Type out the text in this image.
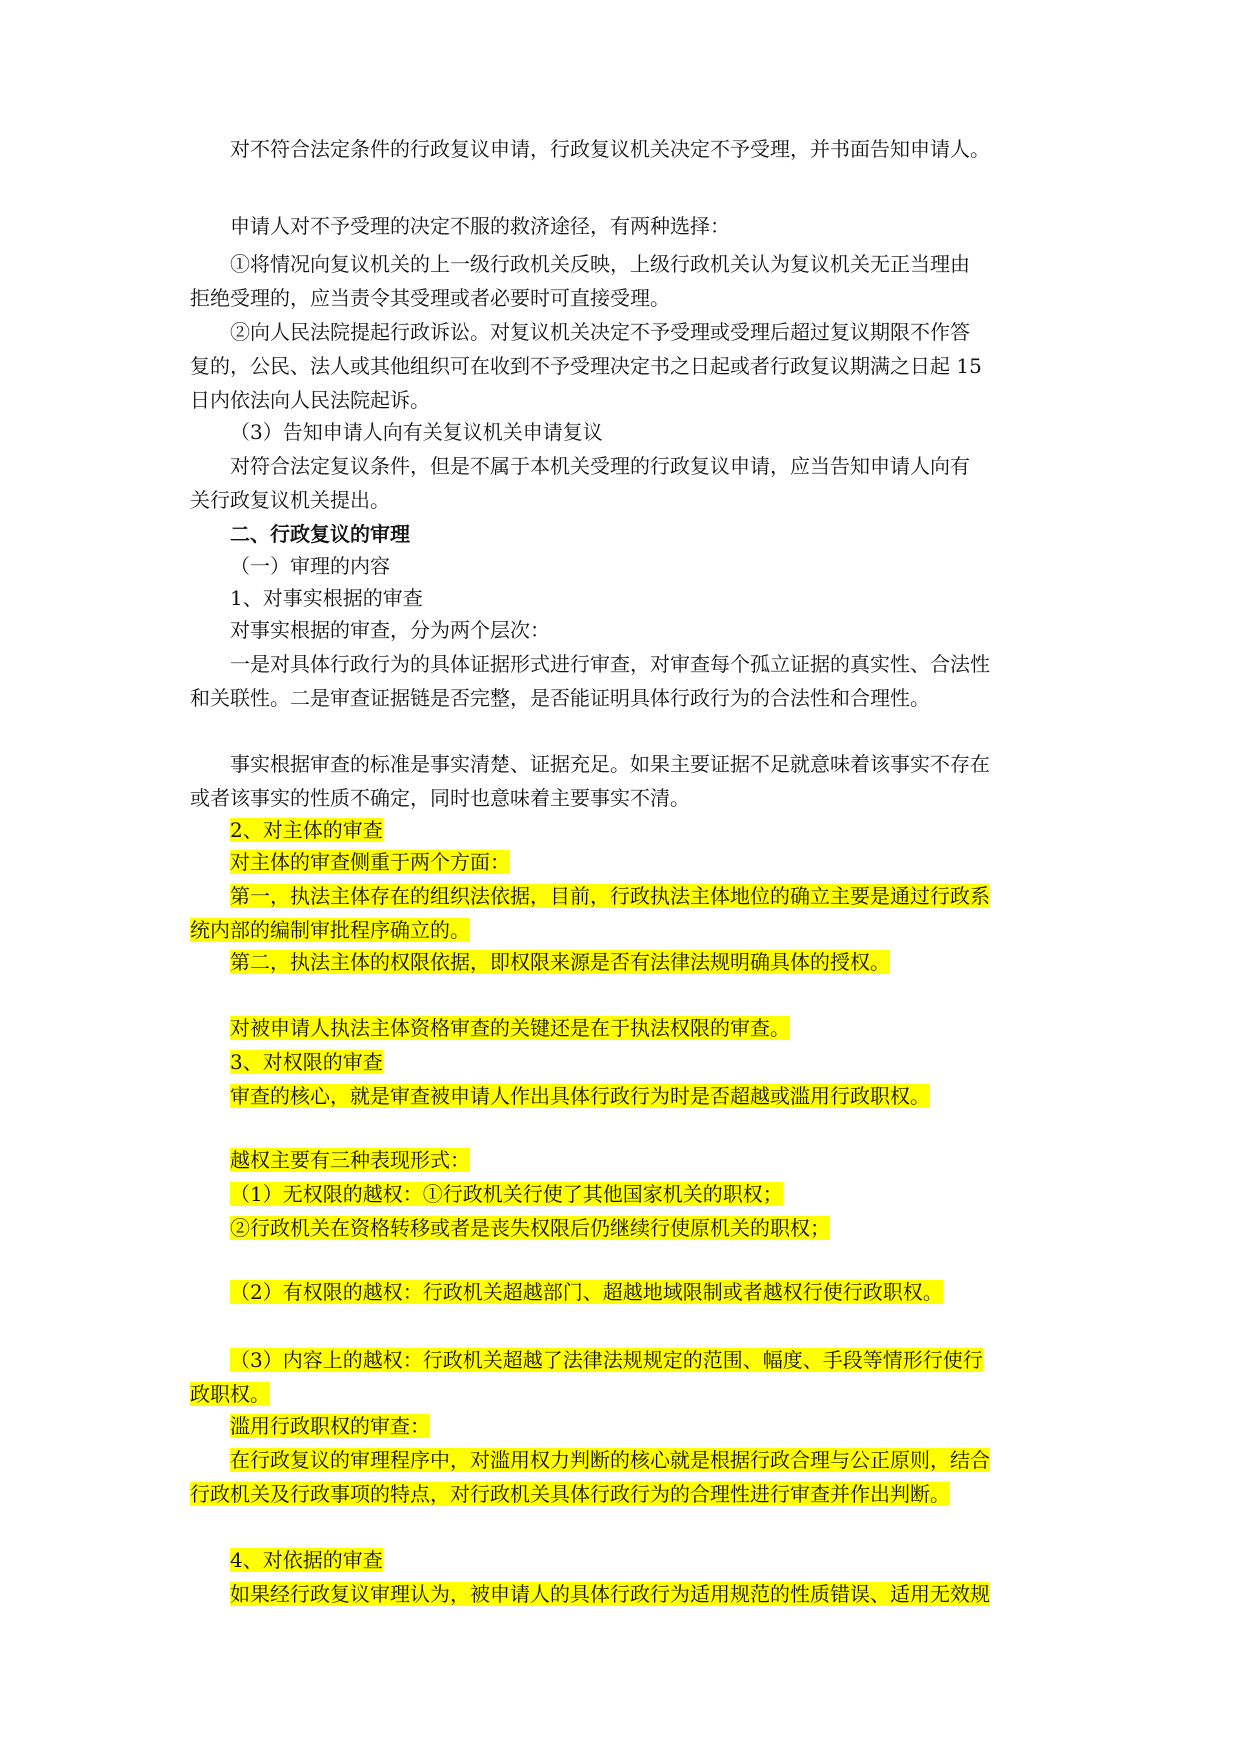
对不符合法定条件的行政复议申请，行政复议机关决定不予受理，并书面告知申请人。
申请人对不予受理的决定不服的救济途径，有两种选择：
①将情况向复议机关的上一级行政机关反映，上级行政机关认为复议机关无正当理由
拒绝受理的，应当责令其受理或者必要时可直接受理。
②向人民法院提起行政诉讼。对复议机关决定不予受理或受理后超过复议期限不作答
复的，公民、法人或其他组织可在收到不予受理决定书之日起或者行政复议期满之日起 15
日内依法向人民法院起诉。
（3）告知申请人向有关复议机关申请复议
对符合法定复议条件，但是不属于本机关受理的行政复议申请，应当告知申请人向有
关行政复议机关提出。
二、行政复议的审理
（一）审理的内容
1、对事实根据的审查
对事实根据的审查，分为两个层次：
一是对具体行政行为的具体证据形式进行审查，对审查每个孤立证据的真实性、合法性
和关联性。二是审查证据链是否完整，是否能证明具体行政行为的合法性和合理性。
事实根据审查的标准是事实清楚、证据充足。如果主要证据不足就意味着该事实不存在
或者该事实的性质不确定，同时也意味着主要事实不清。
2、对主体的审查
对主体的审查侧重于两个方面：
第一，执法主体存在的组织法依据，目前，行政执法主体地位的确立主要是通过行政系
统内部的编制审批程序确立的。
第二，执法主体的权限依据，即权限来源是否有法律法规明确具体的授权。
对被申请人执法主体资格审查的关键还是在于执法权限的审查。
3、对权限的审查
审查的核心，就是审查被申请人作出具体行政行为时是否超越或滥用行政职权。
越权主要有三种表现形式：
（1）无权限的越权：①行政机关行使了其他国家机关的职权；
②行政机关在资格转移或者是丧失权限后仍继续行使原机关的职权；
（2）有权限的越权：行政机关超越部门、超越地域限制或者越权行使行政职权。
（3）内容上的越权：行政机关超越了法律法规规定的范围、幅度、手段等情形行使行
政职权。
滥用行政职权的审查：
在行政复议的审理程序中，对滥用权力判断的核心就是根据行政合理与公正原则，结合
行政机关及行政事项的特点，对行政机关具体行政行为的合理性进行审查并作出判断。
4、对依据的审查
如果经行政复议审理认为，被申请人的具体行政行为适用规范的性质错误、适用无效规
